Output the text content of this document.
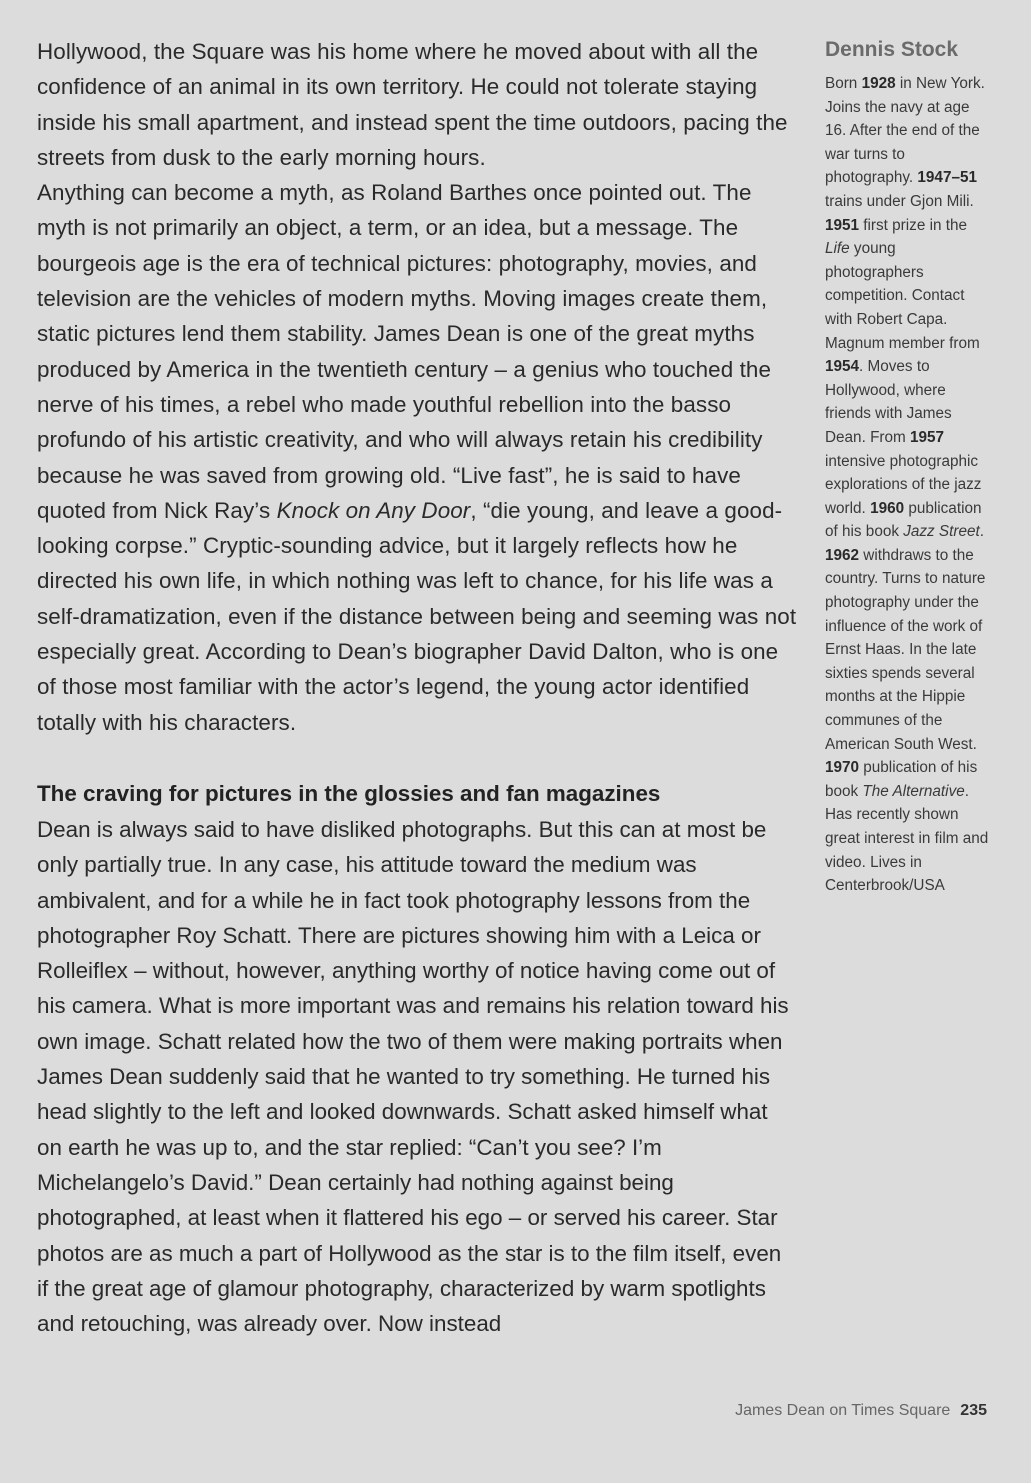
Hollywood, the Square was his home where he moved about with all the confidence of an animal in its own territory. He could not tolerate staying inside his small apartment, and instead spent the time outdoors, pacing the streets from dusk to the early morning hours.

Anything can become a myth, as Roland Barthes once pointed out. The myth is not primarily an object, a term, or an idea, but a message. The bourgeois age is the era of technical pictures: photography, movies, and television are the vehicles of modern myths. Moving images create them, static pictures lend them stability. James Dean is one of the great myths produced by America in the twentieth century – a genius who touched the nerve of his times, a rebel who made youthful rebellion into the basso profundo of his artistic creativity, and who will always retain his credibility because he was saved from growing old. “Live fast”, he is said to have quoted from Nick Ray’s Knock on Any Door, “die young, and leave a good-looking corpse.” Cryptic-sounding advice, but it largely reflects how he directed his own life, in which nothing was left to chance, for his life was a self-dramatization, even if the distance between being and seeming was not especially great. According to Dean’s biographer David Dalton, who is one of those most familiar with the actor’s legend, the young actor identified totally with his characters.

The craving for pictures in the glossies and fan magazines

Dean is always said to have disliked photographs. But this can at most be only partially true. In any case, his attitude toward the medium was ambivalent, and for a while he in fact took photography lessons from the photographer Roy Schatt. There are pictures showing him with a Leica or Rolleiflex – without, however, anything worthy of notice having come out of his camera. What is more important was and remains his relation toward his own image. Schatt related how the two of them were making portraits when James Dean suddenly said that he wanted to try something. He turned his head slightly to the left and looked downwards. Schatt asked himself what on earth he was up to, and the star replied: “Can’t you see? I’m Michelangelo’s David.” Dean certainly had nothing against being photographed, at least when it flattered his ego – or served his career. Star photos are as much a part of Hollywood as the star is to the film itself, even if the great age of glamour photography, characterized by warm spotlights and retouching, was already over. Now instead

Dennis Stock

Born 1928 in New York. Joins the navy at age 16. After the end of the war turns to photography. 1947–51 trains under Gjon Mili. 1951 first prize in the Life young photographers competition. Contact with Robert Capa. Magnum member from 1954. Moves to Hollywood, where friends with James Dean. From 1957 intensive photographic explorations of the jazz world. 1960 publication of his book Jazz Street. 1962 withdraws to the country. Turns to nature photography under the influence of the work of Ernst Haas. In the late sixties spends several months at the Hippie communes of the American South West. 1970 publication of his book The Alternative. Has recently shown great interest in film and video. Lives in Centerbrook/USA

James Dean on Times Square 235
